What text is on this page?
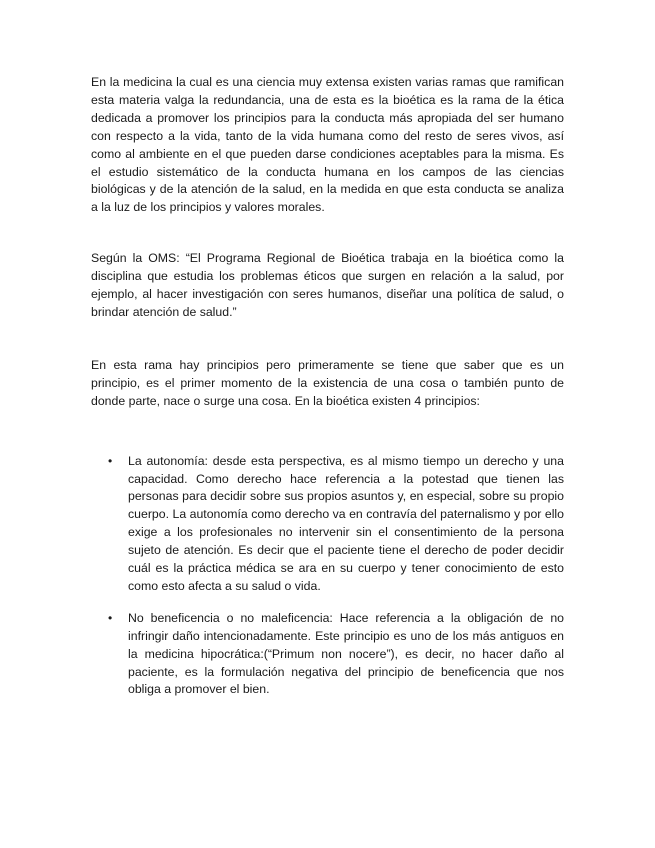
En la medicina la cual es una ciencia muy extensa existen varias ramas que ramifican esta materia valga la redundancia, una de esta es la bioética es la rama de la ética dedicada a promover los principios para la conducta más apropiada del ser humano con respecto a la vida, tanto de la vida humana como del resto de seres vivos, así como al ambiente en el que pueden darse condiciones aceptables para la misma. Es el estudio sistemático de la conducta humana en los campos de las ciencias biológicas y de la atención de la salud, en la medida en que esta conducta se analiza a la luz de los principios y valores morales.

Según la OMS: “El Programa Regional de Bioética trabaja en la bioética como la disciplina que estudia los problemas éticos que surgen en relación a la salud, por ejemplo, al hacer investigación con seres humanos, diseñar una política de salud, o brindar atención de salud.”

En esta rama hay principios pero primeramente se tiene que saber que es un principio, es el primer momento de la existencia de una cosa o también punto de donde parte, nace o surge una cosa. En la bioética existen 4 principios:

• La autonomía: desde esta perspectiva, es al mismo tiempo un derecho y una capacidad. Como derecho hace referencia a la potestad que tienen las personas para decidir sobre sus propios asuntos y, en especial, sobre su propio cuerpo. La autonomía como derecho va en contravía del paternalismo y por ello exige a los profesionales no intervenir sin el consentimiento de la persona sujeto de atención. Es decir que el paciente tiene el derecho de poder decidir cuál es la práctica médica se ara en su cuerpo y tener conocimiento de esto como esto afecta a su salud o vida.
• No beneficencia o no maleficencia: Hace referencia a la obligación de no infringir daño intencionadamente. Este principio es uno de los más antiguos en la medicina hipocrática:(“Primum non nocere”), es decir, no hacer daño al paciente, es la formulación negativa del principio de beneficencia que nos obliga a promover el bien.
